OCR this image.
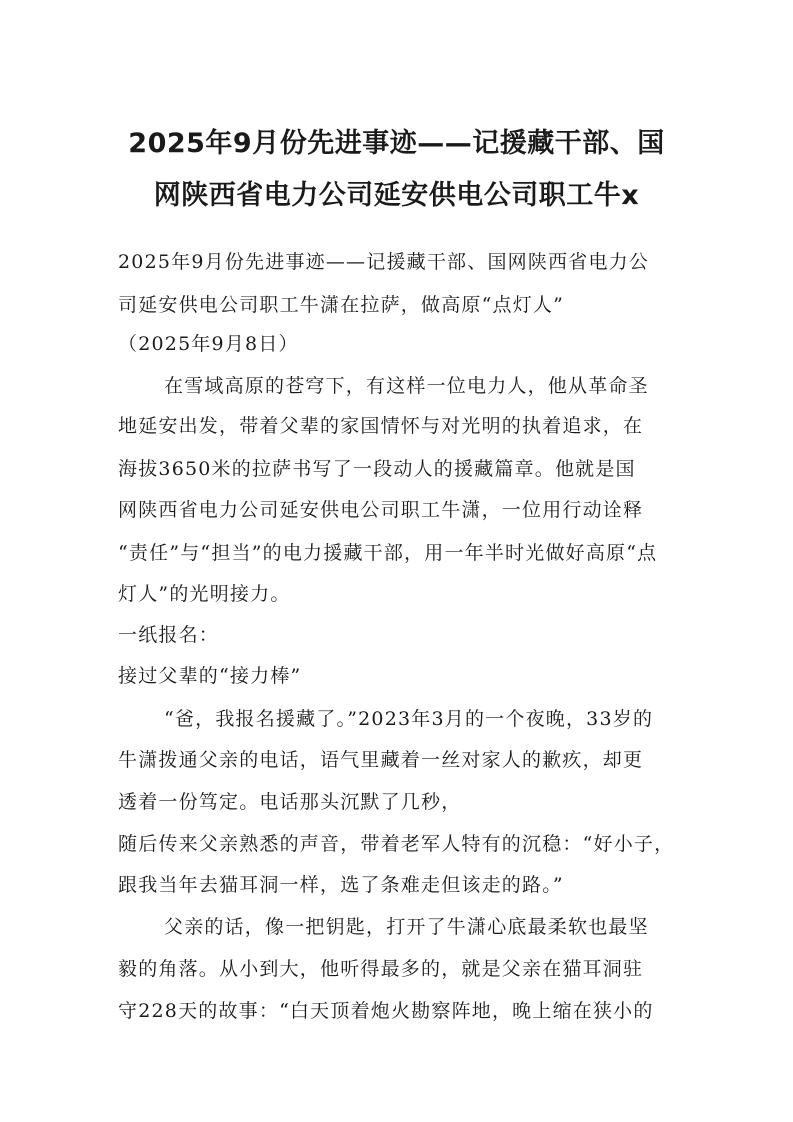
2025年9月份先进事迹——记援藏干部、国
网陕西省电力公司延安供电公司职工牛x

2025年9月份先进事迹——记援藏干部、国网陕西省电力公

司延安供电公司职工牛潇在拉萨，做高原“点灯人”

（2025年9月8日）

在雪域高原的苍穹下，有这样一位电力人，他从革命圣

地延安出发，带着父辈的家国情怀与对光明的执着追求，在

海拔3650米的拉萨书写了一段动人的援藏篇章。他就是国

网陕西省电力公司延安供电公司职工牛潇，一位用行动诠释

“责任”与“担当”的电力援藏干部，用一年半时光做好高原“点

灯人”的光明接力。

一纸报名：

接过父辈的“接力棒”

“爸，我报名援藏了。”2023年3月的一个夜晚，33岁的

牛潇拨通父亲的电话，语气里藏着一丝对家人的歉疚，却更

透着一份笃定。电话那头沉默了几秒，

随后传来父亲熟悉的声音，带着老军人特有的沉稳：“好小子，

跟我当年去猫耳洞一样，选了条难走但该走的路。”

父亲的话，像一把钥匙，打开了牛潇心底最柔软也最坚

毅的角落。从小到大，他听得最多的，就是父亲在猫耳洞驻

守228天的故事：“白天顶着炮火勘察阵地，晚上缩在狭小的
